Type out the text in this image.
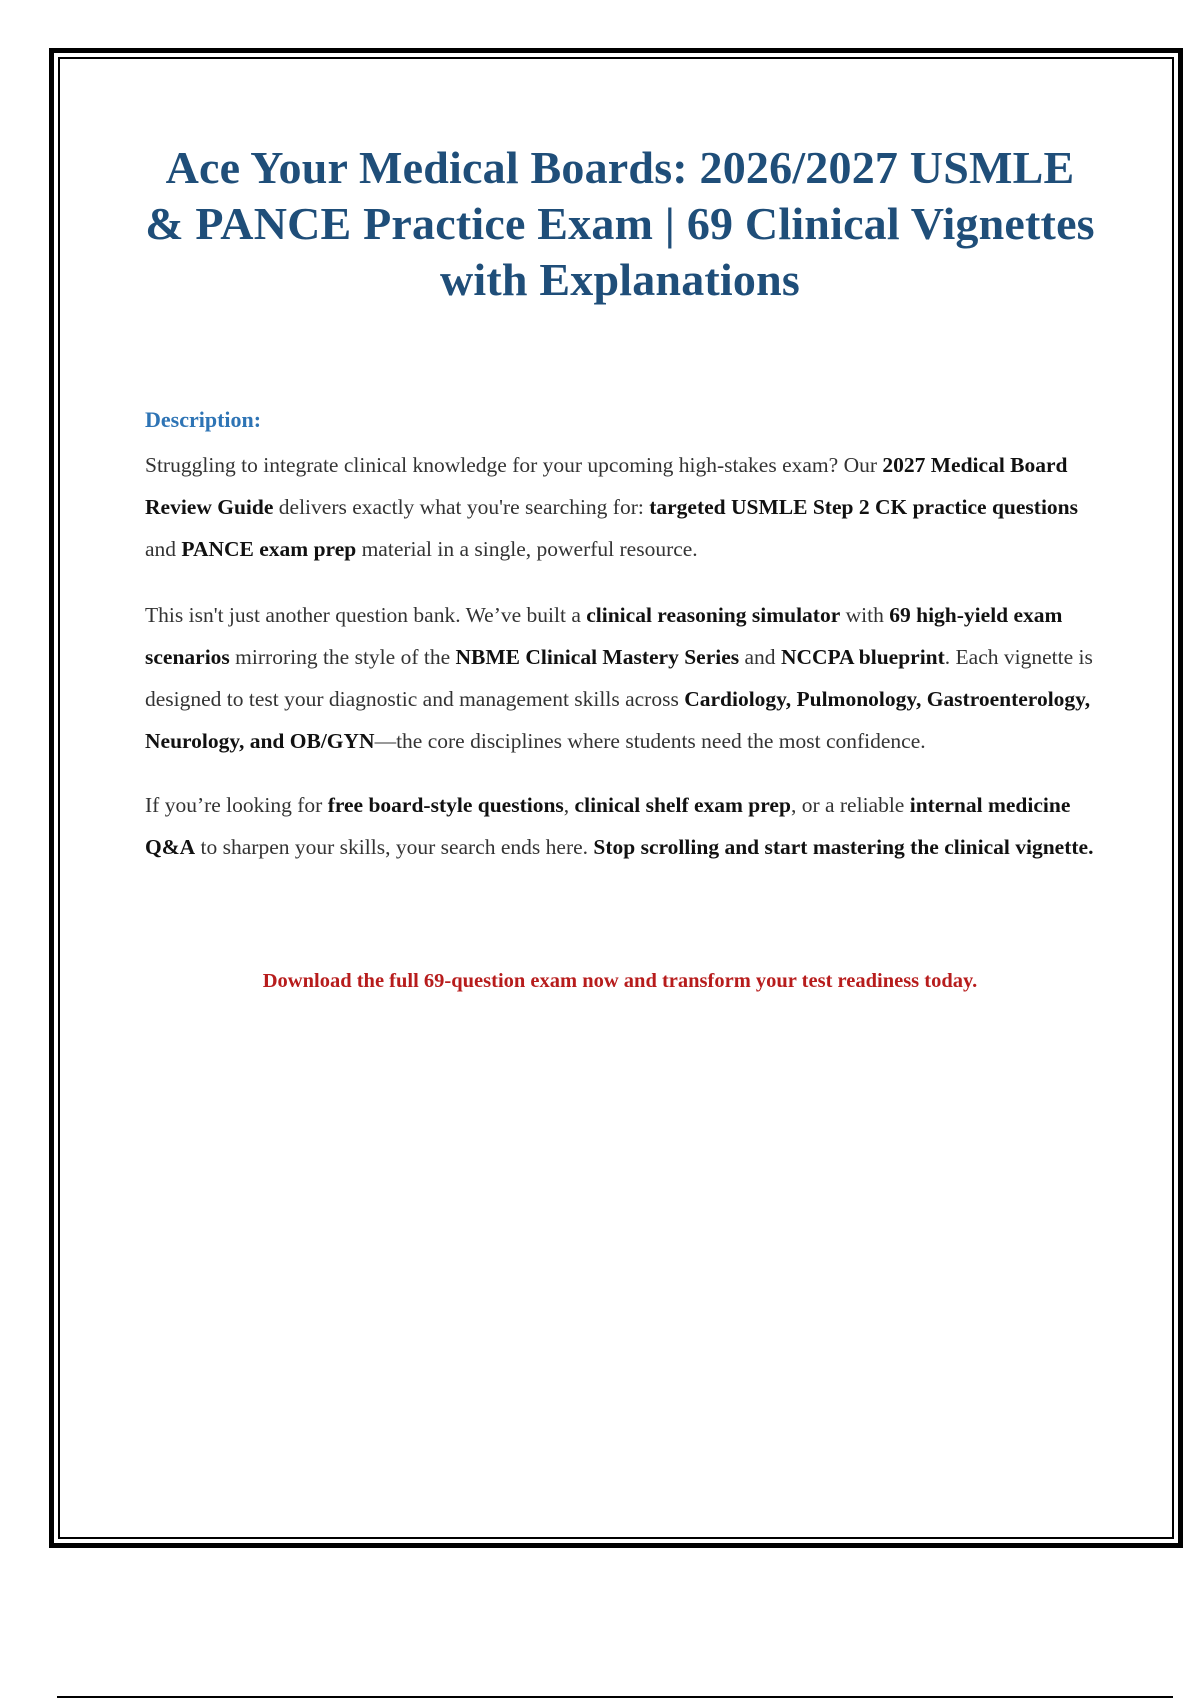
Ace Your Medical Boards: 2026/2027 USMLE & PANCE Practice Exam | 69 Clinical Vignettes with Explanations
Description:

Struggling to integrate clinical knowledge for your upcoming high-stakes exam? Our 2027 Medical Board Review Guide delivers exactly what you're searching for: targeted USMLE Step 2 CK practice questions and PANCE exam prep material in a single, powerful resource.

This isn't just another question bank. We’ve built a clinical reasoning simulator with 69 high-yield exam scenarios mirroring the style of the NBME Clinical Mastery Series and NCCPA blueprint. Each vignette is designed to test your diagnostic and management skills across Cardiology, Pulmonology, Gastroenterology, Neurology, and OB/GYN—the core disciplines where students need the most confidence.

If you’re looking for free board-style questions, clinical shelf exam prep, or a reliable internal medicine Q&A to sharpen your skills, your search ends here. Stop scrolling and start mastering the clinical vignette.

Download the full 69-question exam now and transform your test readiness today.
